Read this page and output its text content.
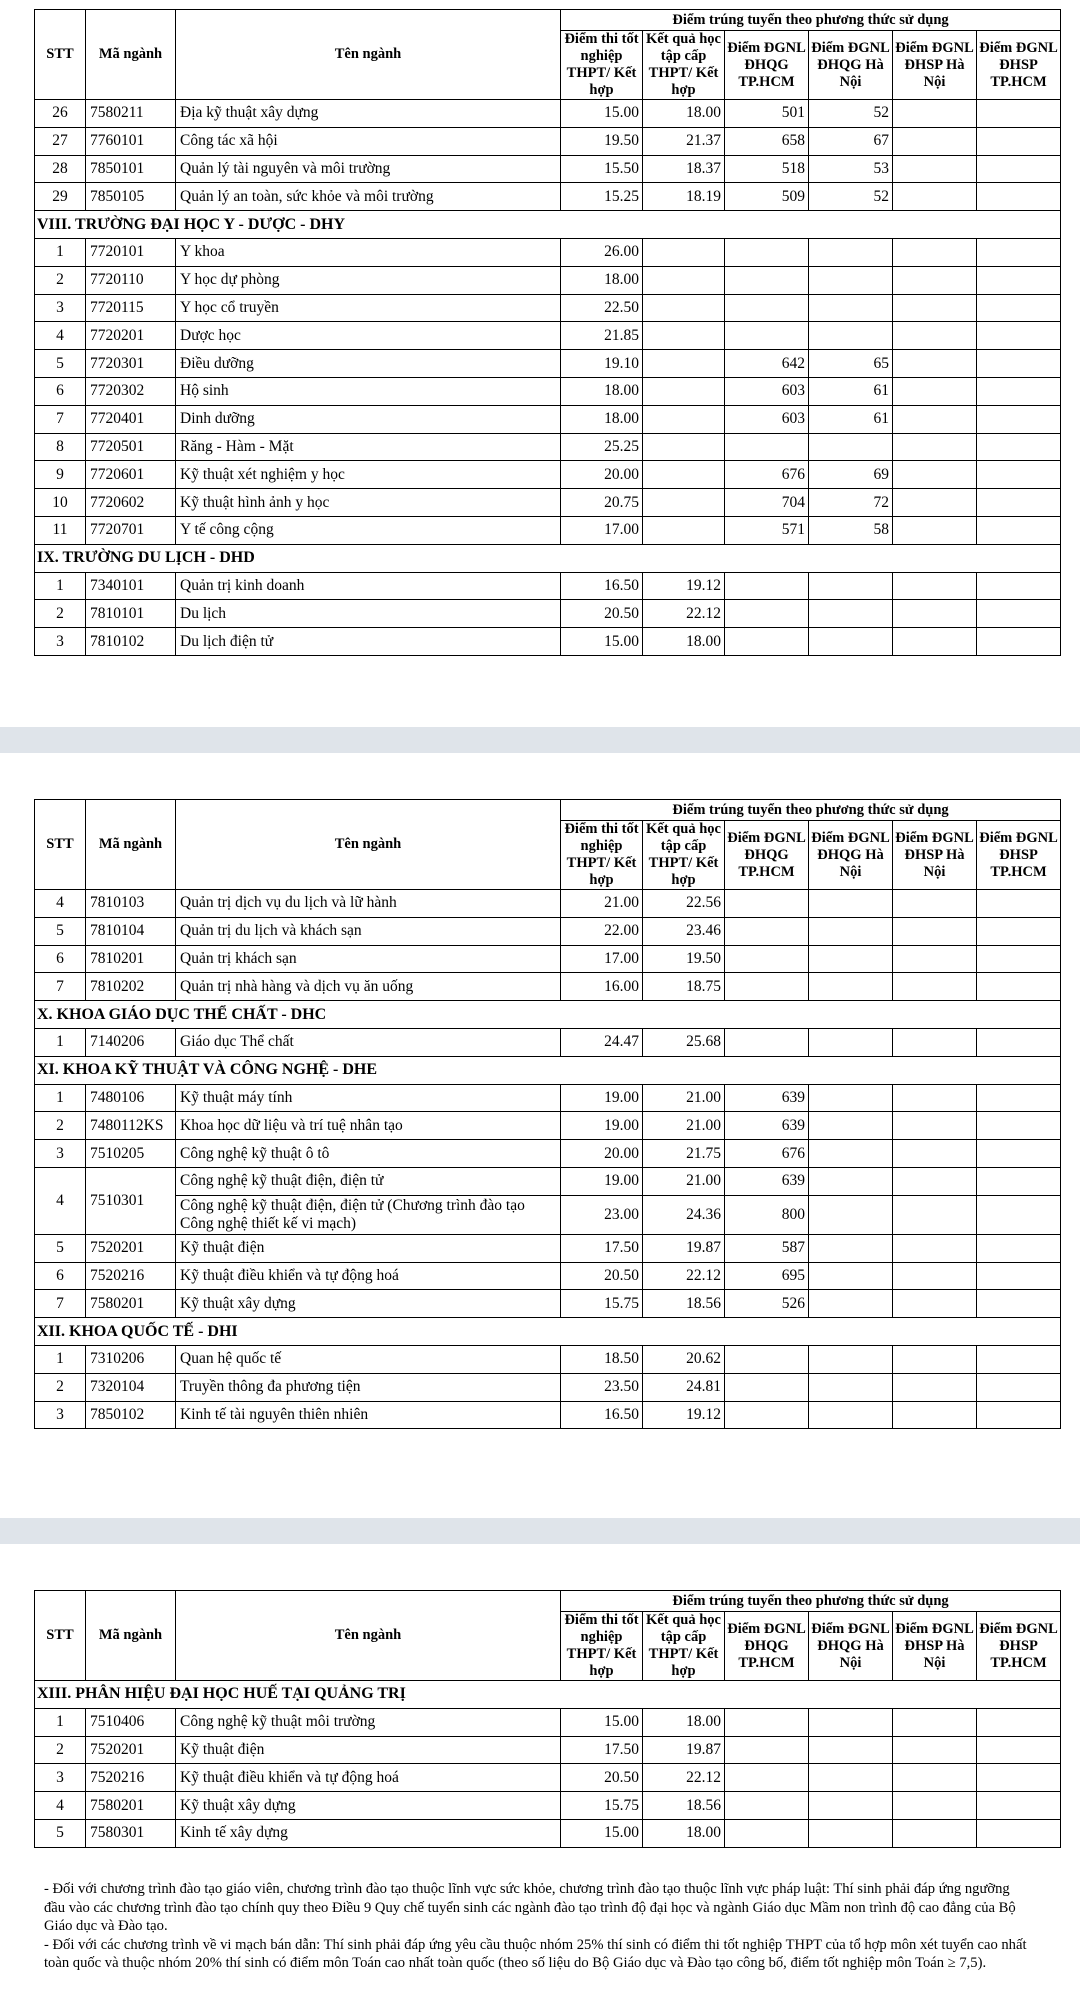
STT	Mã ngành	Tên ngành	Điểm trúng tuyển theo phương thức sử dụng					
			Điểm thi tốt nghiệp THPT/ Kết hợp	Kết quả học tập cấp THPT/ Kết hợp	Điểm ĐGNL ĐHQG TP.HCM	Điểm ĐGNL ĐHQG Hà Nội	Điểm ĐGNL ĐHSP Hà Nội	Điểm ĐGNL ĐHSP TP.HCM
26	7580211	Địa kỹ thuật xây dựng	15.00	18.00	501	52		
27	7760101	Công tác xã hội	19.50	21.37	658	67		
28	7850101	Quản lý tài nguyên và môi trường	15.50	18.37	518	53		
29	7850105	Quản lý an toàn, sức khỏe và môi trường	15.25	18.19	509	52		
VIII. TRƯỜNG ĐẠI HỌC Y - DƯỢC - DHY								
1	7720101	Y khoa	26.00					
2	7720110	Y học dự phòng	18.00					
3	7720115	Y học cổ truyền	22.50					
4	7720201	Dược học	21.85					
5	7720301	Điều dưỡng	19.10		642	65		
6	7720302	Hộ sinh	18.00		603	61		
7	7720401	Dinh dưỡng	18.00		603	61		
8	7720501	Răng - Hàm - Mặt	25.25					
9	7720601	Kỹ thuật xét nghiệm y học	20.00		676	69		
10	7720602	Kỹ thuật hình ảnh y học	20.75		704	72		
11	7720701	Y tế công cộng	17.00		571	58		
IX. TRƯỜNG DU LỊCH - DHD								
1	7340101	Quản trị kinh doanh	16.50	19.12				
2	7810101	Du lịch	20.50	22.12				
3	7810102	Du lịch điện tử	15.00	18.00				
STT	Mã ngành	Tên ngành	Điểm trúng tuyển theo phương thức sử dụng					
			Điểm thi tốt nghiệp THPT/ Kết hợp	Kết quả học tập cấp THPT/ Kết hợp	Điểm ĐGNL ĐHQG TP.HCM	Điểm ĐGNL ĐHQG Hà Nội	Điểm ĐGNL ĐHSP Hà Nội	Điểm ĐGNL ĐHSP TP.HCM
4	7810103	Quản trị dịch vụ du lịch và lữ hành	21.00	22.56				
5	7810104	Quản trị du lịch và khách sạn	22.00	23.46				
6	7810201	Quản trị khách sạn	17.00	19.50				
7	7810202	Quản trị nhà hàng và dịch vụ ăn uống	16.00	18.75				
X. KHOA GIÁO DỤC THỂ CHẤT - DHC								
1	7140206	Giáo dục Thể chất	24.47	25.68				
XI. KHOA KỸ THUẬT VÀ CÔNG NGHỆ - DHE								
1	7480106	Kỹ thuật máy tính	19.00	21.00	639			
2	7480112KS	Khoa học dữ liệu và trí tuệ nhân tạo	19.00	21.00	639			
3	7510205	Công nghệ kỹ thuật ô tô	20.00	21.75	676			
4	7510301	Công nghệ kỹ thuật điện, điện tử	19.00	21.00	639			
		Công nghệ kỹ thuật điện, điện tử (Chương trình đào tạo Công nghệ thiết kế vi mạch)	23.00	24.36	800			
5	7520201	Kỹ thuật điện	17.50	19.87	587			
6	7520216	Kỹ thuật điều khiển và tự động hoá	20.50	22.12	695			
7	7580201	Kỹ thuật xây dựng	15.75	18.56	526			
XII. KHOA QUỐC TẾ - DHI								
1	7310206	Quan hệ quốc tế	18.50	20.62				
2	7320104	Truyền thông đa phương tiện	23.50	24.81				
3	7850102	Kinh tế tài nguyên thiên nhiên	16.50	19.12				
STT	Mã ngành	Tên ngành	Điểm trúng tuyển theo phương thức sử dụng					
			Điểm thi tốt nghiệp THPT/ Kết hợp	Kết quả học tập cấp THPT/ Kết hợp	Điểm ĐGNL ĐHQG TP.HCM	Điểm ĐGNL ĐHQG Hà Nội	Điểm ĐGNL ĐHSP Hà Nội	Điểm ĐGNL ĐHSP TP.HCM
XIII. PHÂN HIỆU ĐẠI HỌC HUẾ TẠI QUẢNG TRỊ								
1	7510406	Công nghệ kỹ thuật môi trường	15.00	18.00				
2	7520201	Kỹ thuật điện	17.50	19.87				
3	7520216	Kỹ thuật điều khiển và tự động hoá	20.50	22.12				
4	7580201	Kỹ thuật xây dựng	15.75	18.56				
5	7580301	Kinh tế xây dựng	15.00	18.00				

- Đối với chương trình đào tạo giáo viên, chương trình đào tạo thuộc lĩnh vực sức khỏe, chương trình đào tạo thuộc lĩnh vực pháp luật: Thí sinh phải đáp ứng ngưỡng đầu vào các chương trình đào tạo chính quy theo Điều 9 Quy chế tuyển sinh các ngành đào tạo trình độ đại học và ngành Giáo dục Mầm non trình độ cao đẳng của Bộ Giáo dục và Đào tạo.

- Đối với các chương trình về vi mạch bán dẫn: Thí sinh phải đáp ứng yêu cầu thuộc nhóm 25% thí sinh có điểm thi tốt nghiệp THPT của tổ hợp môn xét tuyển cao nhất toàn quốc và thuộc nhóm 20% thí sinh có điểm môn Toán cao nhất toàn quốc (theo số liệu do Bộ Giáo dục và Đào tạo công bố, điểm tốt nghiệp môn Toán ≥ 7,5).
